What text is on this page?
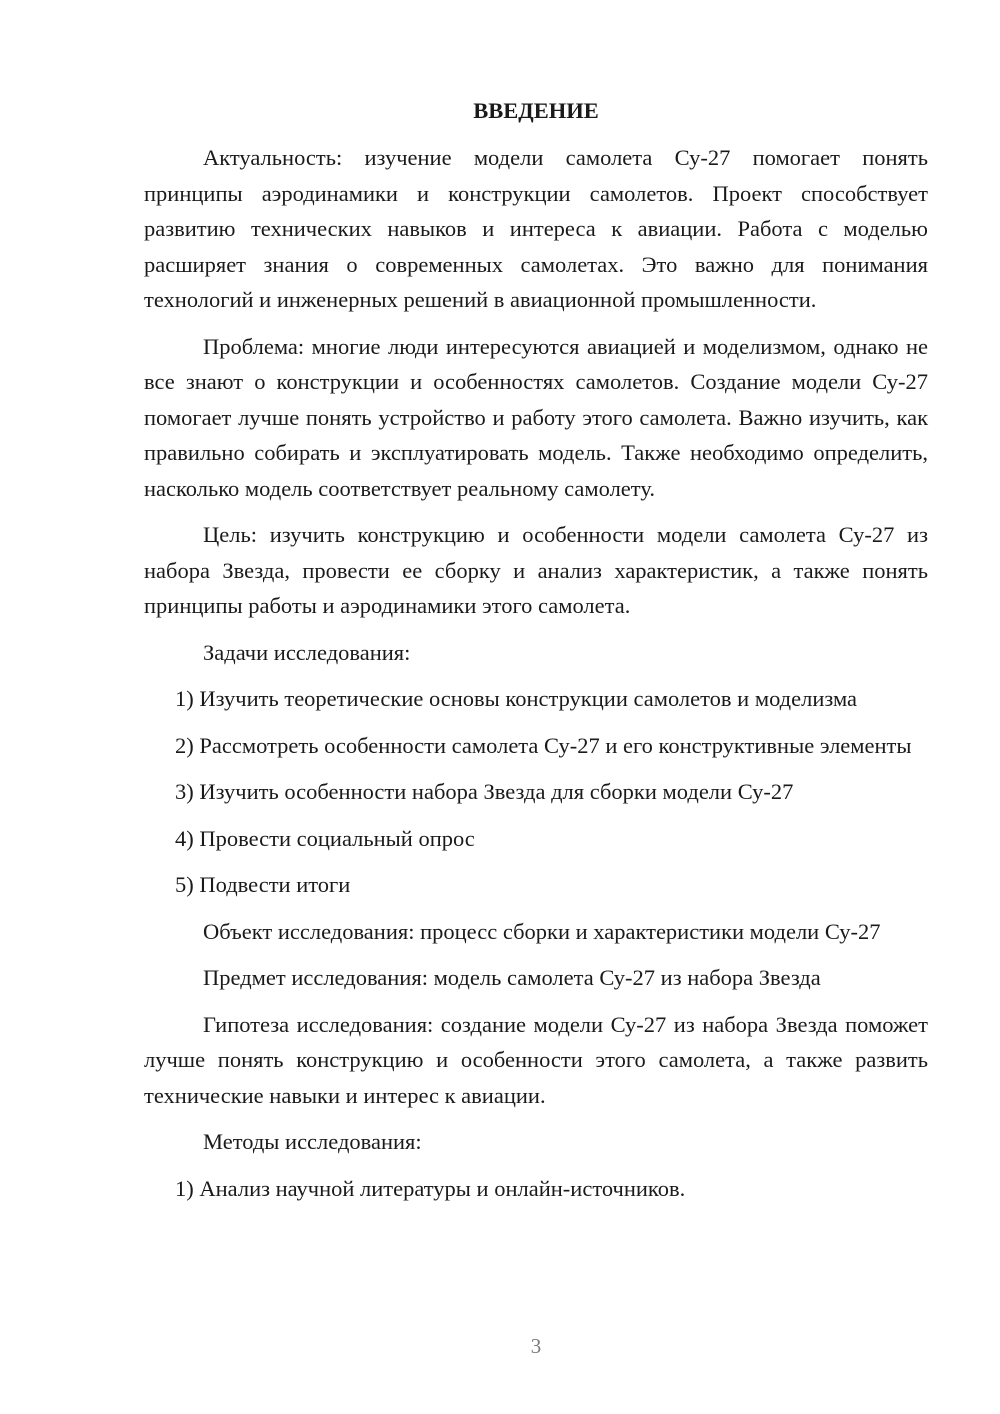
ВВЕДЕНИЕ

Актуальность: изучение модели самолета Су-27 помогает понять принципы аэродинамики и конструкции самолетов. Проект способствует развитию технических навыков и интереса к авиации. Работа с моделью расширяет знания о современных самолетах. Это важно для понимания технологий и инженерных решений в авиационной промышленности.

Проблема: многие люди интересуются авиацией и моделизмом, однако не все знают о конструкции и особенностях самолетов. Создание модели Су-27 помогает лучше понять устройство и работу этого самолета. Важно изучить, как правильно собирать и эксплуатировать модель. Также необходимо определить, насколько модель соответствует реальному самолету.

Цель: изучить конструкцию и особенности модели самолета Су-27 из набора Звезда, провести ее сборку и анализ характеристик, а также понять принципы работы и аэродинамики этого самолета.

Задачи исследования:

1) Изучить теоретические основы конструкции самолетов и моделизма

2) Рассмотреть особенности самолета Су-27 и его конструктивные элементы

3) Изучить особенности набора Звезда для сборки модели Су-27

4) Провести социальный опрос

5) Подвести итоги

Объект исследования: процесс сборки и характеристики модели Су-27

Предмет исследования: модель самолета Су-27 из набора Звезда

Гипотеза исследования: создание модели Су-27 из набора Звезда поможет лучше понять конструкцию и особенности этого самолета, а также развить технические навыки и интерес к авиации.

Методы исследования:

1) Анализ научной литературы и онлайн-источников.

3
